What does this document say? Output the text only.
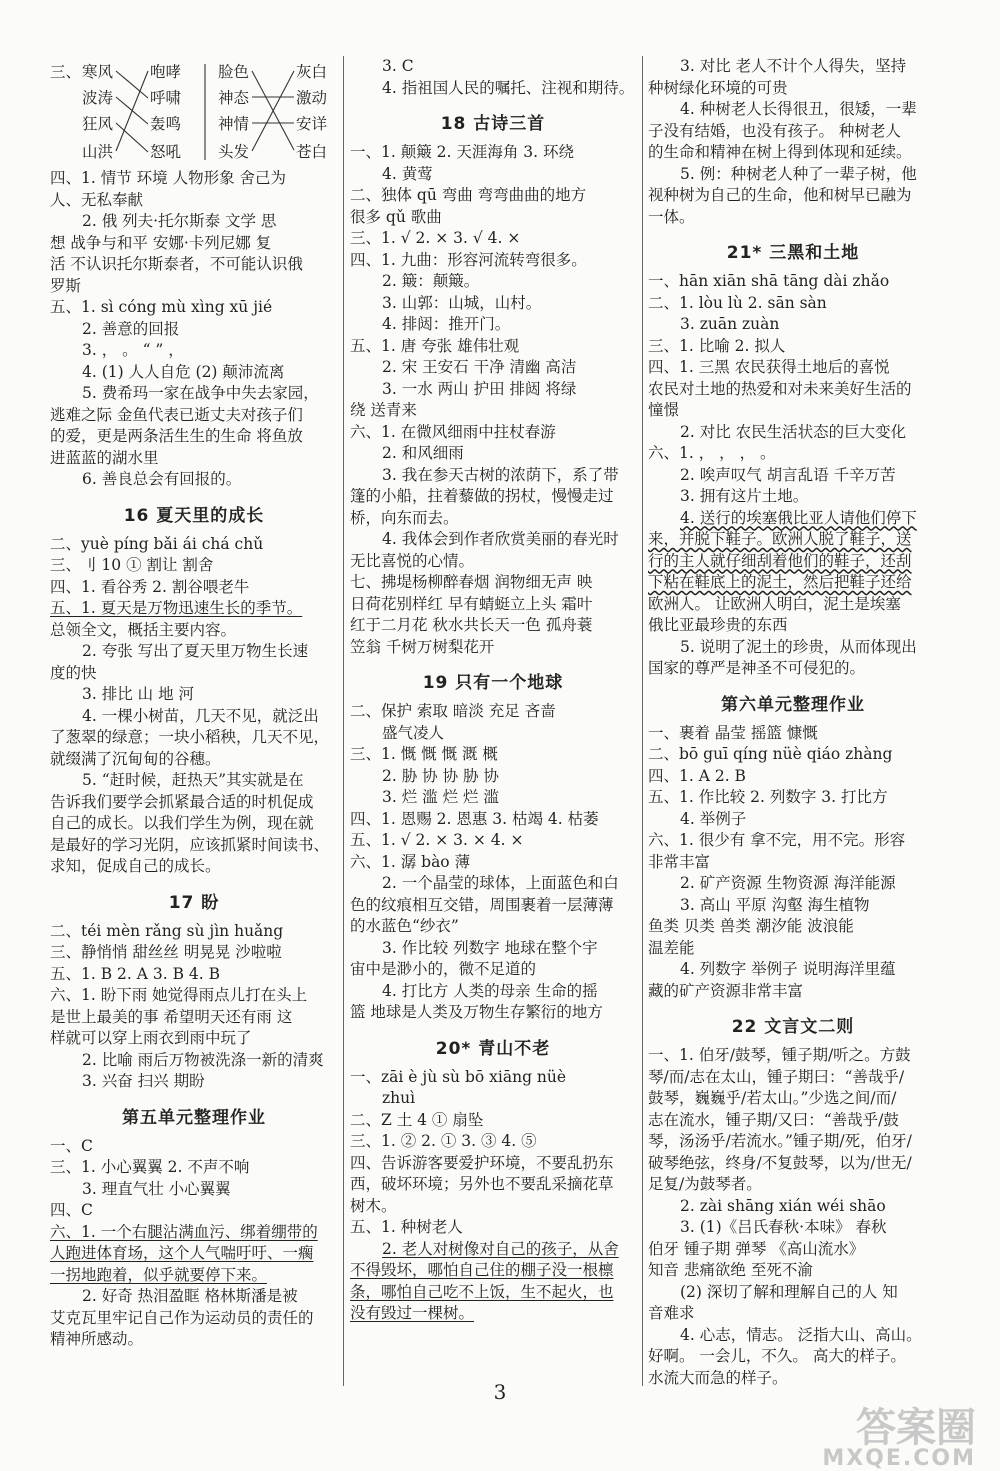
三、 寒风
波涛
狂风
山洪
咆哮
呼啸
轰鸣
怒吼
脸色
神态
神情
头发
灰白
激动
安详
苍白
四、1. 情节 环境 人物形象 舍己为
人、无私奉献
2. 俄 列夫·托尔斯泰 文学 思
想 战争与和平 安娜·卡列尼娜 复
活 不认识托尔斯泰者，不可能认识俄
罗斯
五、1. sì cóng mù xìng xū jié
2. 善意的回报
3. ， 。 “ ” ，
4. (1) 人人自危 (2) 颠沛流离
5. 费希玛一家在战争中失去家园，
逃难之际 金鱼代表已逝丈夫对孩子们
的爱，更是两条活生生的生命 将鱼放
进蓝蓝的湖水里
6. 善良总会有回报的。
16 夏天里的成长
二、yuè píng bǎi ái chá chǔ
三、刂 10 ① 割让 割舍
四、1. 看谷秀 2. 割谷喂老牛
五、1. 夏天是万物迅速生长的季节。
总领全文，概括主要内容。
2. 夸张 写出了夏天里万物生长速
度的快
3. 排比 山 地 河
4. 一棵小树苗，几天不见，就泛出
了葱翠的绿意；一块小稻秧，几天不见，
就缀满了沉甸甸的谷穗。
5. “赶时候，赶热天”其实就是在
告诉我们要学会抓紧最合适的时机促成
自己的成长。以我们学生为例，现在就
是最好的学习光阴，应该抓紧时间读书、
求知，促成自己的成长。
17 盼
二、téi mèn rǎng sù jìn huǎng
三、静悄悄 甜丝丝 明晃晃 沙啦啦
五、1. B 2. A 3. B 4. B
六、1. 盼下雨 她觉得雨点儿打在头上
是世上最美的事 希望明天还有雨 这
样就可以穿上雨衣到雨中玩了
2. 比喻 雨后万物被洗涤一新的清爽
3. 兴奋 扫兴 期盼
第五单元整理作业
一、C
三、1. 小心翼翼 2. 不声不响
3. 理直气壮 小心翼翼
四、C
六、1. 一个右腿沾满血污、绑着绷带的
人跑进体育场，这个人气喘吁吁、一瘸
一拐地跑着，似乎就要停下来。
2. 好奇 热泪盈眶 格林斯潘是被
艾克瓦里牢记自己作为运动员的责任的
精神所感动。
3. C
4. 指祖国人民的嘱托、注视和期待。
18 古诗三首
一、1. 颠簸 2. 天涯海角 3. 环绕
4. 黄莺
二、独体 qū 弯曲 弯弯曲曲的地方
很多 qǔ 歌曲
三、1. √ 2. × 3. √ 4. ×
四、1. 九曲：形容河流转弯很多。
2. 簸：颠簸。
3. 山郭：山城，山村。
4. 排闼：推开门。
五、1. 唐 夸张 雄伟壮观
2. 宋 王安石 干净 清幽 高洁
3. 一水 两山 护田 排闼 将绿
绕 送青来
六、1. 在微风细雨中拄杖春游
2. 和风细雨
3. 我在参天古树的浓荫下，系了带
篷的小船，拄着藜做的拐杖，慢慢走过
桥，向东而去。
4. 我体会到作者欣赏美丽的春光时
无比喜悦的心情。
七、拂堤杨柳醉春烟 润物细无声 映
日荷花别样红 早有蜻蜓立上头 霜叶
红于二月花 秋水共长天一色 孤舟蓑
笠翁 千树万树梨花开
19 只有一个地球
二、保护 索取 暗淡 充足 吝啬
盛气凌人
三、1. 慨 慨 慨 溉 概
2. 胁 协 协 胁 协
3. 烂 滥 烂 烂 滥
四、1. 恩赐 2. 恩惠 3. 枯竭 4. 枯萎
五、1. √ 2. × 3. × 4. ×
六、1. 潺 bào 薄
2. 一个晶莹的球体，上面蓝色和白
色的纹痕相互交错，周围裹着一层薄薄
的水蓝色“纱衣”
3. 作比较 列数字 地球在整个宇
宙中是渺小的，微不足道的
4. 打比方 人类的母亲 生命的摇
篮 地球是人类及万物生存繁衍的地方
20* 青山不老
一、zāi è jù sù bō xiāng nüè
zhuì
二、Z 土 4 ① 扇坠
三、1. ② 2. ① 3. ③ 4. ⑤
四、告诉游客要爱护环境，不要乱扔东
西，破坏环境；另外也不要乱采摘花草
树木。
五、1. 种树老人
2. 老人对树像对自己的孩子，从舍
不得毁坏，哪怕自己住的棚子没一根檩
条，哪怕自己吃不上饭，生不起火，也
没有毁过一棵树。
3. 对比 老人不计个人得失，坚持
种树绿化环境的可贵
4. 种树老人长得很丑，很矮，一辈
子没有结婚，也没有孩子。 种树老人
的生命和精神在树上得到体现和延续。
5. 例：种树老人种了一辈子树，他
视种树为自己的生命，他和树早已融为
一体。
21* 三黑和土地
一、hān xiān shā tāng dài zhǎo
二、1. lòu lù 2. sān sàn
3. zuān zuàn
三、1. 比喻 2. 拟人
四、1. 三黑 农民获得土地后的喜悦
农民对土地的热爱和对未来美好生活的
憧憬
2. 对比 农民生活状态的巨大变化
六、1. ， ， ， 。
2. 唉声叹气 胡言乱语 千辛万苦
3. 拥有这片土地。
4. 送行的埃塞俄比亚人请他们停下
来，并脱下鞋子。欧洲人脱了鞋子，送
行的主人就仔细刮着他们的鞋子，还刮
下粘在鞋底上的泥土，然后把鞋子还给
欧洲人。 让欧洲人明白，泥土是埃塞
俄比亚最珍贵的东西
5. 说明了泥土的珍贵，从而体现出
国家的尊严是神圣不可侵犯的。
第六单元整理作业
一、裹着 晶莹 摇篮 慷慨
二、bō guī qíng nüè qiáo zhàng
四、1. A 2. B
五、1. 作比较 2. 列数字 3. 打比方
4. 举例子
六、1. 很少有 拿不完，用不完。形容
非常丰富
2. 矿产资源 生物资源 海洋能源
3. 高山 平原 沟壑 海生植物
鱼类 贝类 兽类 潮汐能 波浪能
温差能
4. 列数字 举例子 说明海洋里蕴
藏的矿产资源非常丰富
22 文言文二则
一、1. 伯牙/鼓琴，锺子期/听之。方鼓
琴/而/志在太山，锺子期曰：“善哉乎/
鼓琴，巍巍乎/若太山。”少选之间/而/
志在流水，锺子期/又曰：“善哉乎/鼓
琴，汤汤乎/若流水。”锺子期/死，伯牙/
破琴绝弦，终身/不复鼓琴，以为/世无/
足复/为鼓琴者。
2. zài shāng xián wéi shāo
3. (1)《吕氏春秋·本味》 春秋
伯牙 锺子期 弹琴 《高山流水》
知音 悲痛欲绝 至死不渝
(2) 深切了解和理解自己的人 知
音难求
4. 心志，情志。 泛指大山、高山。
好啊。 一会儿，不久。 高大的样子。
水流大而急的样子。
3
答案圈
MXQE.COM
